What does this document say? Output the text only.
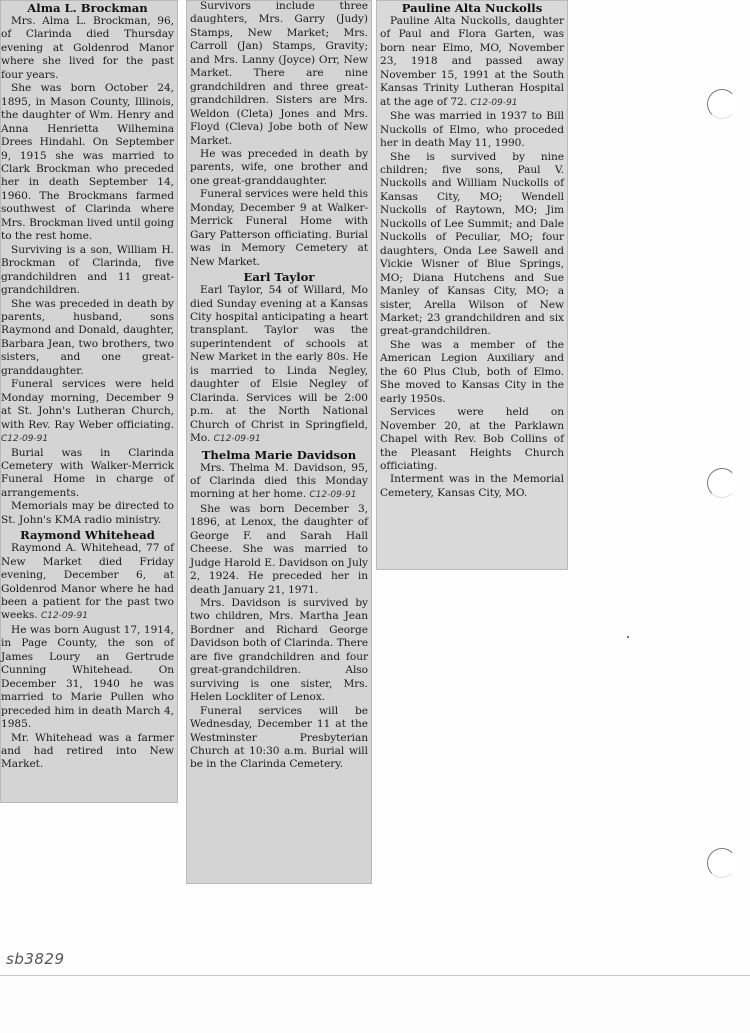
Alma L. Brockman

Mrs. Alma L. Brockman, 96, of Clarinda died Thursday evening at Goldenrod Manor where she lived for the past four years.

She was born October 24, 1895, in Mason County, Illinois, the daughter of Wm. Henry and Anna Henrietta Wilhemina Drees Hindahl. On September 9, 1915 she was married to Clark Brockman who preceded her in death September 14, 1960. The Brockmans farmed southwest of Clarinda where Mrs. Brockman lived until going to the rest home.

Surviving is a son, William H. Brockman of Clarinda, five grandchildren and 11 great-grandchildren.

She was preceded in death by parents, husband, sons Raymond and Donald, daughter, Barbara Jean, two brothers, two sisters, and one great-granddaughter.

Funeral services were held Monday morning, December 9 at St. John's Lutheran Church, with Rev. Ray Weber officiating. C12-09-91

Burial was in Clarinda Cemetery with Walker-Merrick Funeral Home in charge of arrangements.

Memorials may be directed to St. John's KMA radio ministry.

Raymond Whitehead

Raymond A. Whitehead, 77 of New Market died Friday evening, December 6, at Goldenrod Manor where he had been a patient for the past two weeks. C12-09-91

He was born August 17, 1914, in Page County, the son of James Loury an Gertrude Cunning Whitehead. On December 31, 1940 he was married to Marie Pullen who preceded him in death March 4, 1985.

Mr. Whitehead was a farmer and had retired into New Market.

Survivors include three daughters, Mrs. Garry (Judy) Stamps, New Market; Mrs. Carroll (Jan) Stamps, Gravity; and Mrs. Lanny (Joyce) Orr, New Market. There are nine grandchildren and three great-grandchildren. Sisters are Mrs. Weldon (Cleta) Jones and Mrs. Floyd (Cleva) Jobe both of New Market.

He was preceded in death by parents, wife, one brother and one great-granddaughter.

Funeral services were held this Monday, December 9 at Walker-Merrick Funeral Home with Gary Patterson officiating. Burial was in Memory Cemetery at New Market.

Earl Taylor

Earl Taylor, 54 of Willard, Mo died Sunday evening at a Kansas City hospital anticipating a heart transplant. Taylor was the superintendent of schools at New Market in the early 80s. He is married to Linda Negley, daughter of Elsie Negley of Clarinda. Services will be 2:00 p.m. at the North National Church of Christ in Springfield, Mo. C12-09-91

Thelma Marie Davidson

Mrs. Thelma M. Davidson, 95, of Clarinda died this Monday morning at her home. C12-09-91

She was born December 3, 1896, at Lenox, the daughter of George F. and Sarah Hall Cheese. She was married to Judge Harold E. Davidson on July 2, 1924. He preceded her in death January 21, 1971.

Mrs. Davidson is survived by two children, Mrs. Martha Jean Bordner and Richard George Davidson both of Clarinda. There are five grandchildren and four great-grandchildren. Also surviving is one sister, Mrs. Helen Lockliter of Lenox.

Funeral services will be Wednesday, December 11 at the Westminster Presbyterian Church at 10:30 a.m. Burial will be in the Clarinda Cemetery.

Pauline Alta Nuckolls

Pauline Alta Nuckolls, daughter of Paul and Flora Garten, was born near Elmo, MO, November 23, 1918 and passed away November 15, 1991 at the South Kansas Trinity Lutheran Hospital at the age of 72. C12-09-91

She was married in 1937 to Bill Nuckolls of Elmo, who proceded her in death May 11, 1990.

She is survived by nine children; five sons, Paul V. Nuckolls and William Nuckolls of Kansas City, MO; Wendell Nuckolls of Raytown, MO; Jim Nuckolls of Lee Summit; and Dale Nuckolls of Peculiar, MO; four daughters, Onda Lee Sawell and Vickie Wisner of Blue Springs, MO; Diana Hutchens and Sue Manley of Kansas City, MO; a sister, Arella Wilson of New Market; 23 grandchildren and six great-grandchildren.

She was a member of the American Legion Auxiliary and the 60 Plus Club, both of Elmo. She moved to Kansas City in the early 1950s.

Services were held on November 20, at the Parklawn Chapel with Rev. Bob Collins of the Pleasant Heights Church officiating.

Interment was in the Memorial Cemetery, Kansas City, MO.

sb3829
